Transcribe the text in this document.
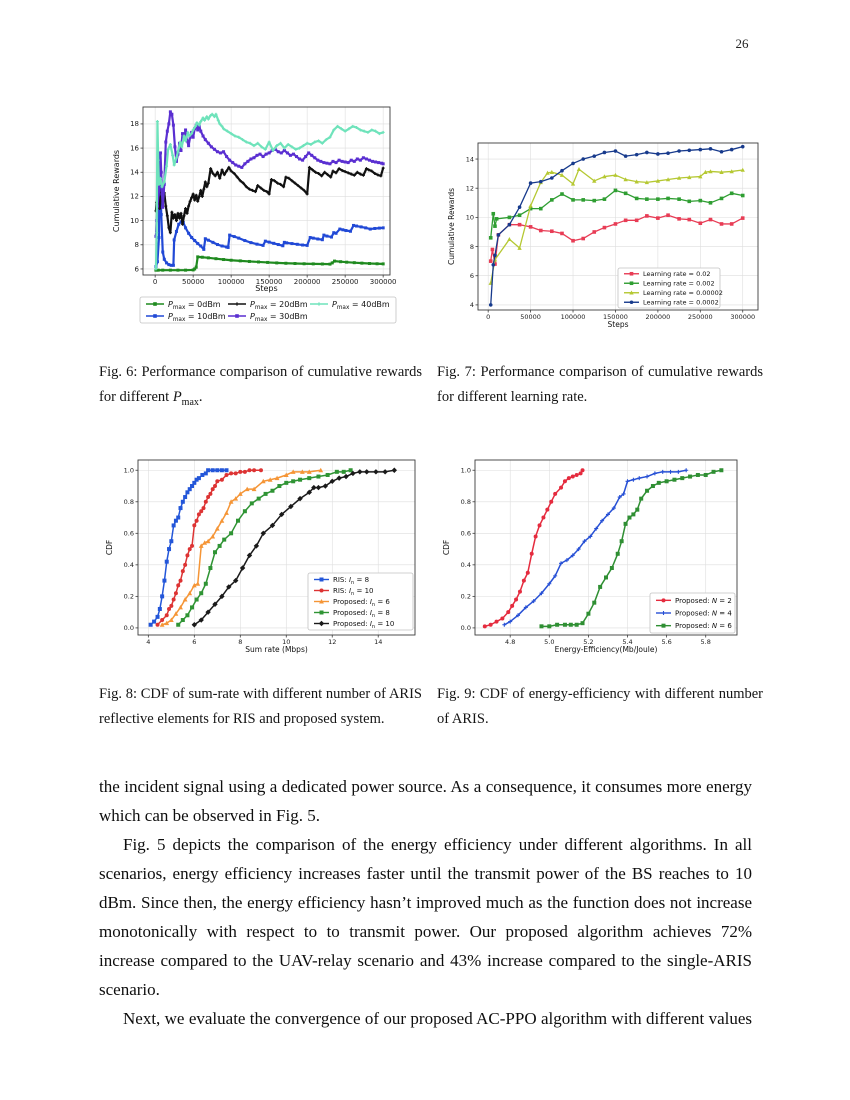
26
0	50000 100000 150000 200000 250000 300000
6
8
10
12
14
16
18
Steps
Cumulative Rewards
$P_{max} = 0dBm$
$P_{max} = 10dBm$
$P_{max} = 20dBm$
$P_{max} = 30dBm$
$P_{max} = 40dBm$
0	50000	100000	150000	200000	250000	300000
4
6
8
10
12
14
Steps
Cumulative Rewards
Learning rate = 0.02
Learning rate = 0.002
Learning rate = 0.00002
Learning rate = 0.0002
4	6	8	10	12	14
0.0
0.2
0.4
0.6
0.8
1.0
Sum rate (Mbps)
CDF
RIS: $I_n = 8$
RIS: $I_n = 10$
Proposed: $I_n = 6$
Proposed: $I_n = 8$
Proposed: $I_n = 10$
4.8	5.0	5.2	5.4	5.6	5.8
0.0
0.2
0.4
0.6
0.8
1.0
Energy-Efficiency(Mb/Joule)
CDF
Proposed: N = 2
Proposed: N = 4
Proposed: N = 6
Fig. 6: Performance comparison of cumulative rewards for different $P_{max}$.
Fig. 7: Performance comparison of cumulative rewards for different learning rate.
Fig. 8: CDF of sum-rate with different number of ARIS reflective elements for RIS and proposed system.
Fig. 9: CDF of energy-efficiency with different number of ARIS.

the incident signal using a dedicated power source. As a consequence, it consumes more energy which can be observed in Fig. 5.

Fig. 5 depicts the comparison of the energy efficiency under different algorithms. In all scenarios, energy efficiency increases faster until the transmit power of the BS reaches to 10 dBm. Since then, the energy efficiency hasn’t improved much as the function does not increase monotonically with respect to to transmit power. Our proposed algorithm achieves 72% increase compared to the UAV-relay scenario and 43% increase compared to the single-ARIS scenario.

Next, we evaluate the convergence of our proposed AC-PPO algorithm with different values
